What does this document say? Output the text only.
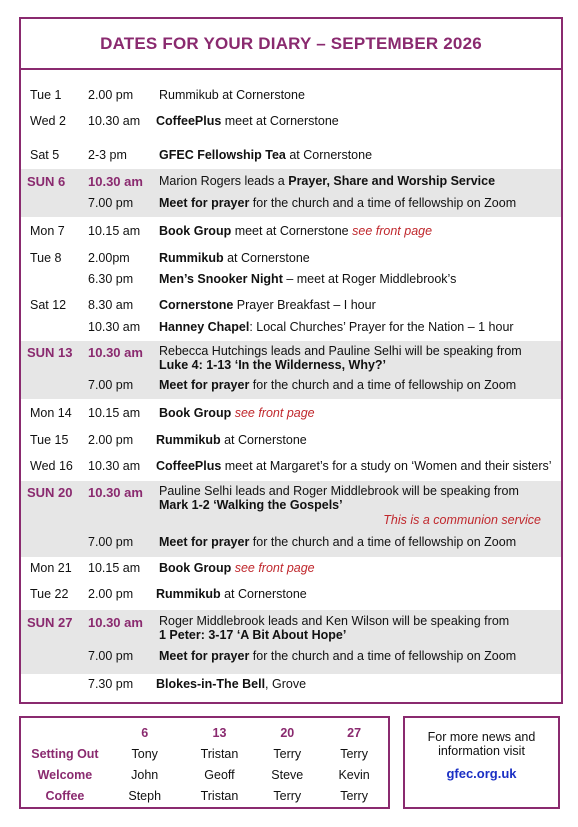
DATES FOR YOUR DIARY – SEPTEMBER 2026
Tue 1 2.00 pm Rummikub at Cornerstone
Wed 2 10.30 am CoffeePlus meet at Cornerstone
Sat 5 2-3 pm	GFEC Fellowship Tea at Cornerstone
SUN 6 10.30 am Marion Rogers leads a Prayer, Share and Worship Service
7.00 pm Meet for prayer for the church and a time of fellowship on Zoom
Mon 7 10.15 am Book Group meet at Cornerstone see front page
Tue 8 2.00pm Rummikub at Cornerstone
6.30 pm Men’s Snooker Night – meet at Roger Middlebrook’s
Sat 12 8.30 am Cornerstone Prayer Breakfast – I hour
10.30 am Hanney Chapel: Local Churches’ Prayer for the Nation – 1 hour
SUN 13 10.30 am Rebecca Hutchings leads and Pauline Selhi will be speaking from
Luke 4: 1-13 ‘In the Wilderness, Why?’
7.00 pm Meet for prayer for the church and a time of fellowship on Zoom
Mon 14 10.15 am Book Group see front page
Tue 15 2.00 pm Rummikub at Cornerstone
Wed 16 10.30 am CoffeePlus meet at Margaret’s for a study on ‘Women and their sisters’
SUN 20 10.30 am Pauline Selhi leads and Roger Middlebrook will be speaking from
Mark 1-2 ‘Walking the Gospels’
This is a communion service
7.00 pm Meet for prayer for the church and a time of fellowship on Zoom
Mon 21 10.15 am Book Group see front page
Tue 22 2.00 pm Rummikub at Cornerstone
SUN 27 10.30 am Roger Middlebrook leads and Ken Wilson will be speaking from
1 Peter: 3-17 ‘A Bit About Hope’
7.00 pm Meet for prayer for the church and a time of fellowship on Zoom
7.30 pm Blokes-in-The Bell, Grove
	6	13	20	27
Setting Out	Tony	Tristan	Terry	Terry
Welcome	John	Geoff	Steve	Kevin
Coffee	Steph	Tristan	Terry	Terry
For more news and
information visit
gfec.org.uk
